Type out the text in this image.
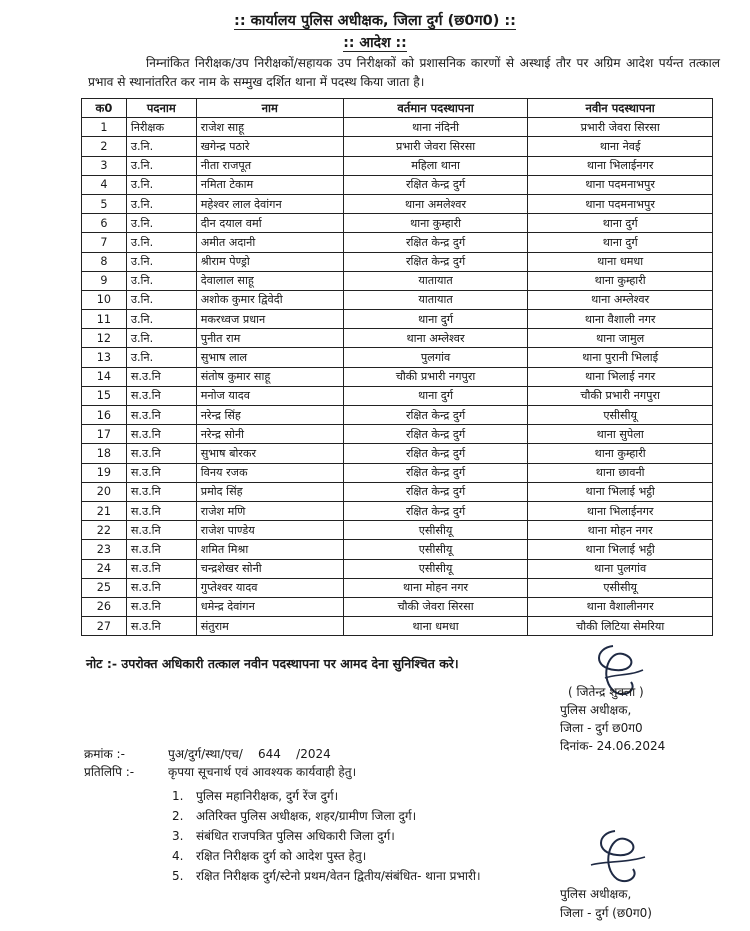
:: कार्यालय पुलिस अधीक्षक, जिला दुर्ग (छ0ग0) ::
:: आदेश ::
निम्नांकित निरीक्षक/उप निरीक्षकों/सहायक उप निरीक्षकों को प्रशासनिक कारणों से अस्थाई तौर पर अग्रिम आदेश पर्यन्त तत्काल प्रभाव से स्थानांतरित कर नाम के सम्मुख दर्शित थाना में पदस्थ किया जाता है।
क0	पदनाम	नाम	वर्तमान पदस्थापना	नवीन पदस्थापना
1	निरीक्षक	राजेश साहू	थाना नंदिनी	प्रभारी जेवरा सिरसा
2	उ.नि.	खगेन्द्र पठारे	प्रभारी जेवरा सिरसा	थाना नेवई
3	उ.नि.	नीता राजपूत	महिला थाना	थाना भिलाईनगर
4	उ.नि.	नमिता टेकाम	रक्षित केन्द्र दुर्ग	थाना पदमनाभपुर
5	उ.नि.	महेश्वर लाल देवांगन	थाना अमलेश्वर	थाना पदमनाभपुर
6	उ.नि.	दीन दयाल वर्मा	थाना कुम्हारी	थाना दुर्ग
7	उ.नि.	अमीत अदानी	रक्षित केन्द्र दुर्ग	थाना दुर्ग
8	उ.नि.	श्रीराम पेण्ड्रो	रक्षित केन्द्र दुर्ग	थाना धमधा
9	उ.नि.	देवालाल साहू	यातायात	थाना कुम्हारी
10	उ.नि.	अशोक कुमार द्विवेदी	यातायात	थाना अम्लेश्वर
11	उ.नि.	मकरध्वज प्रधान	थाना दुर्ग	थाना वैशाली नगर
12	उ.नि.	पुनीत राम	थाना अम्लेश्वर	थाना जामुल
13	उ.नि.	सुभाष लाल	पुलगांव	थाना पुरानी भिलाई
14	स.उ.नि	संतोष कुमार साहू	चौकी प्रभारी नगपुरा	थाना भिलाई नगर
15	स.उ.नि	मनोज यादव	थाना दुर्ग	चौकी प्रभारी नगपुरा
16	स.उ.नि	नरेन्द्र सिंह	रक्षित केन्द्र दुर्ग	एसीसीयू
17	स.उ.नि	नरेन्द्र सोनी	रक्षित केन्द्र दुर्ग	थाना सुपेला
18	स.उ.नि	सुभाष बोरकर	रक्षित केन्द्र दुर्ग	थाना कुम्हारी
19	स.उ.नि	विनय रजक	रक्षित केन्द्र दुर्ग	थाना छावनी
20	स.उ.नि	प्रमोद सिंह	रक्षित केन्द्र दुर्ग	थाना भिलाई भट्ठी
21	स.उ.नि	राजेश मणि	रक्षित केन्द्र दुर्ग	थाना भिलाईनगर
22	स.उ.नि	राजेश पाण्डेय	एसीसीयू	थाना मोहन नगर
23	स.उ.नि	शमित मिश्रा	एसीसीयू	थाना भिलाई भट्ठी
24	स.उ.नि	चन्द्रशेखर सोनी	एसीसीयू	थाना पुलगांव
25	स.उ.नि	गुप्तेश्वर यादव	थाना मोहन नगर	एसीसीयू
26	स.उ.नि	धमेन्द्र देवांगन	चौकी जेवरा सिरसा	थाना वैशालीनगर
27	स.उ.नि	संतुराम	थाना धमधा	चौकी लिटिया सेमरिया
नोट :- उपरोक्त अधिकारी तत्काल नवीन पदस्थापना पर आमद देना सुनिश्चित करे।
( जितेन्द्र शुक्ला )
पुलिस अधीक्षक,
जिला - दुर्ग छ0ग0
दिनांक- 24.06.2024
क्रमांक :-	पुअ/दुर्ग/स्था/एच/    644    /2024
प्रतिलिपि :-	कृपया सूचनार्थ एवं आवश्यक कार्यवाही हेतु।
1.	पुलिस महानिरीक्षक, दुर्ग रेंज दुर्ग।
2.	अतिरिक्त पुलिस अधीक्षक, शहर/ग्रामीण जिला दुर्ग।
3.	संबंधित राजपत्रित पुलिस अधिकारी जिला दुर्ग।
4.	रक्षित निरीक्षक दुर्ग को आदेश पुस्त हेतु।
5.	रक्षित निरीक्षक दुर्ग/स्टेनो प्रथम/वेतन द्वितीय/संबंधित- थाना प्रभारी।
पुलिस अधीक्षक,
जिला - दुर्ग (छ0ग0)
